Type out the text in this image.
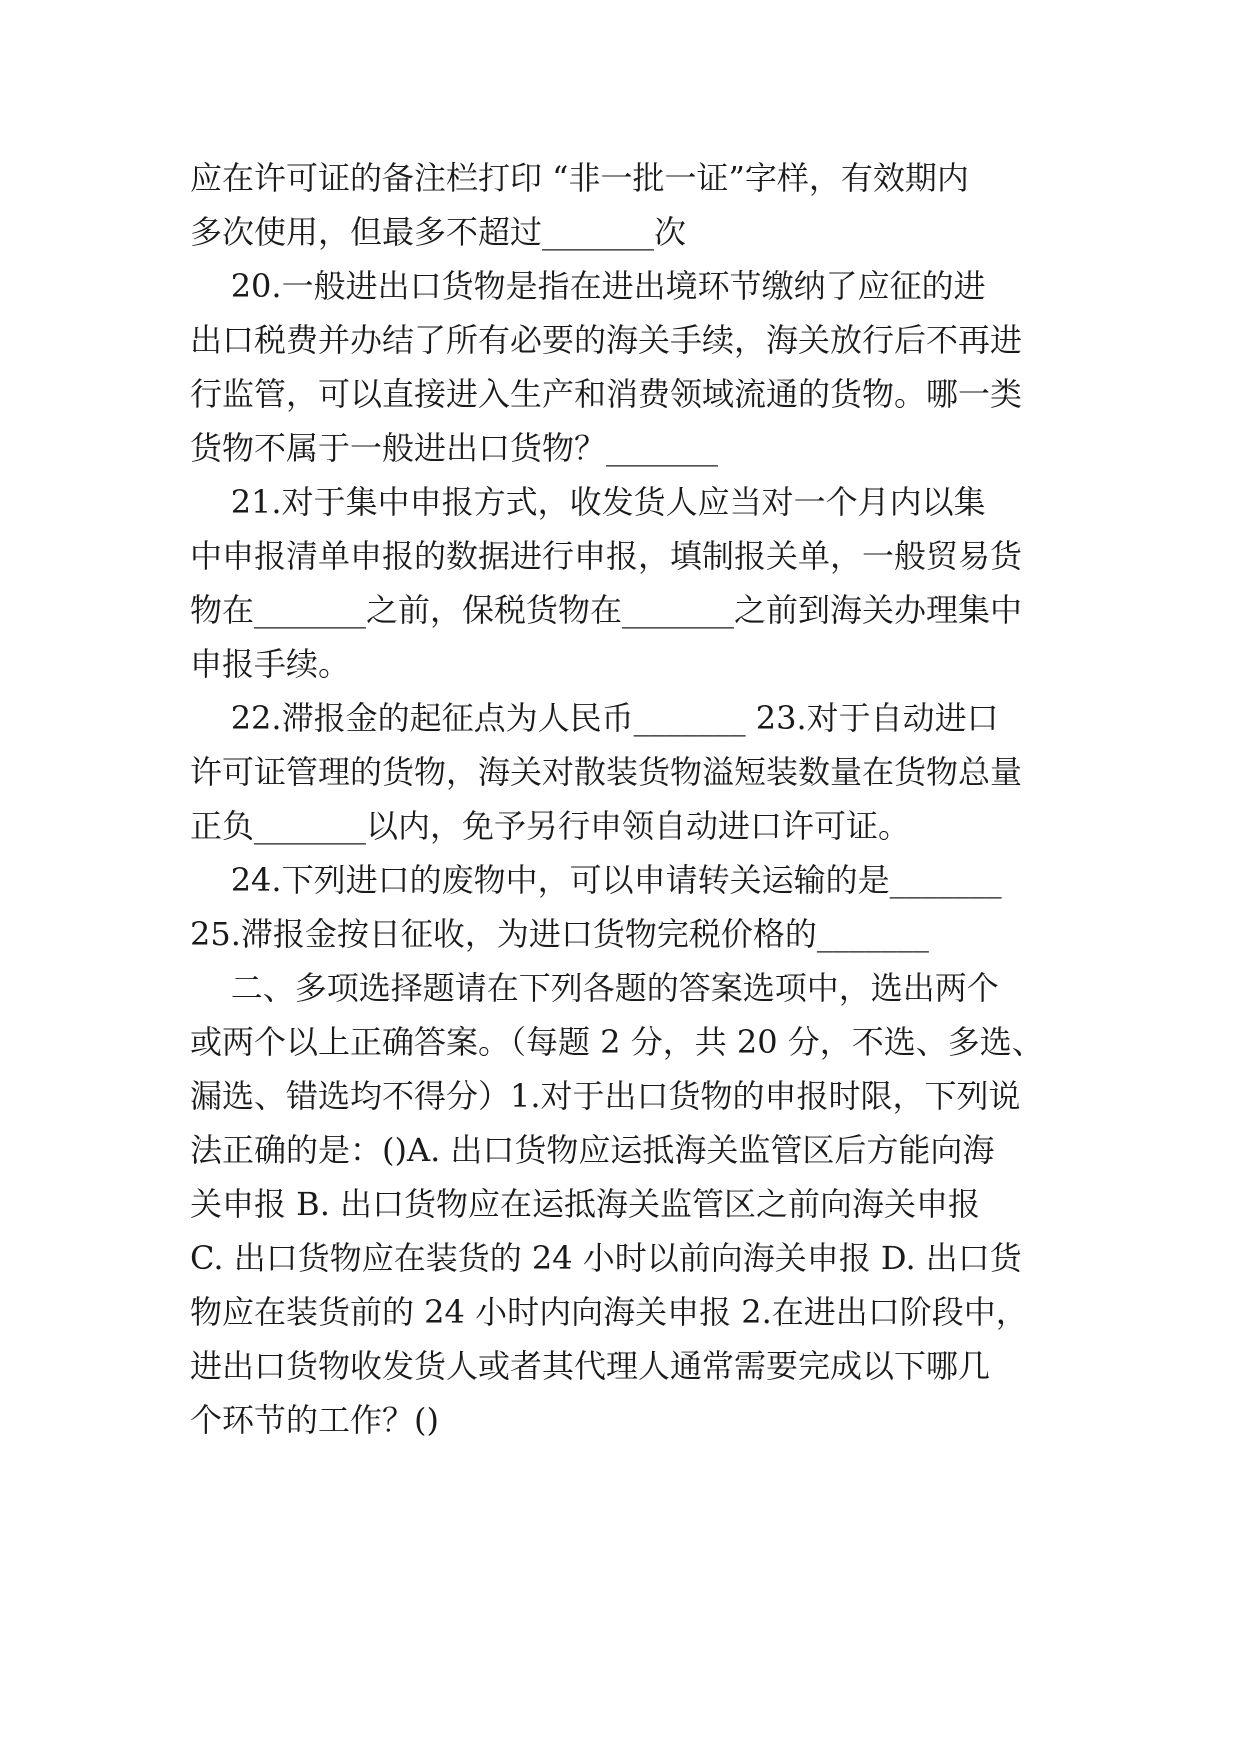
应在许可证的备注栏打印 “非一批一证”字样，有效期内

多次使用，但最多不超过_______次

20.一般进出口货物是指在进出境环节缴纳了应征的进

出口税费并办结了所有必要的海关手续，海关放行后不再进

行监管，可以直接进入生产和消费领域流通的货物。哪一类

货物不属于一般进出口货物？_______

21.对于集中申报方式，收发货人应当对一个月内以集

中申报清单申报的数据进行申报，填制报关单，一般贸易货

物在_______之前，保税货物在_______之前到海关办理集中

申报手续。

22.滞报金的起征点为人民币_______ 23.对于自动进口

许可证管理的货物，海关对散装货物溢短装数量在货物总量

正负_______以内，免予另行申领自动进口许可证。

24.下列进口的废物中，可以申请转关运输的是_______

25.滞报金按日征收，为进口货物完税价格的_______

二、多项选择题请在下列各题的答案选项中，选出两个

或两个以上正确答案。（每题 2 分，共 20 分，不选、多选、

漏选、错选均不得分）1.对于出口货物的申报时限，下列说

法正确的是：()A. 出口货物应运抵海关监管区后方能向海

关申报 B. 出口货物应在运抵海关监管区之前向海关申报

C. 出口货物应在装货的 24 小时以前向海关申报 D. 出口货

物应在装货前的 24 小时内向海关申报 2.在进出口阶段中，

进出口货物收发货人或者其代理人通常需要完成以下哪几

个环节的工作？()
